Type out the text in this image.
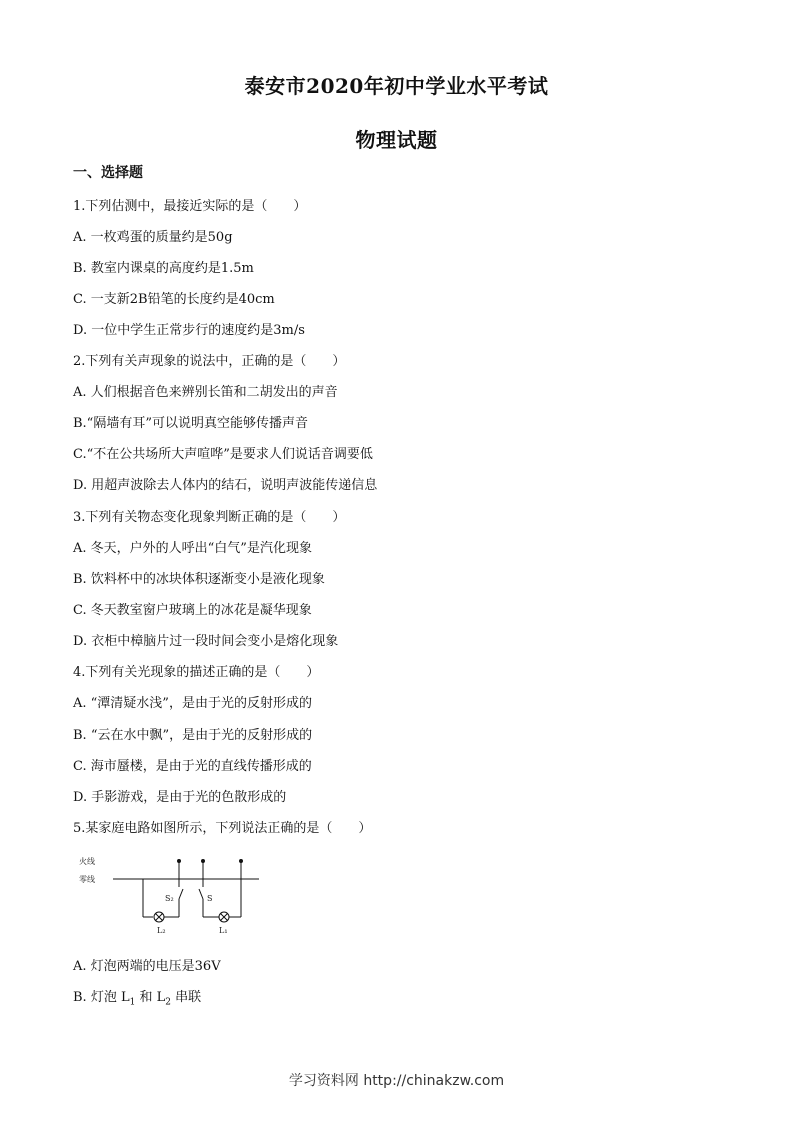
泰安市2020年初中学业水平考试
物理试题
一、选择题
1.下列估测中，最接近实际的是（　　）
A. 一枚鸡蛋的质量约是50g
B. 教室内课桌的高度约是1.5m
C. 一支新2B铅笔的长度约是40cm
D. 一位中学生正常步行的速度约是3m/s
2.下列有关声现象的说法中，正确的是（　　）
A. 人们根据音色来辨别长笛和二胡发出的声音
B.“隔墙有耳”可以说明真空能够传播声音
C.“不在公共场所大声喧哗”是要求人们说话音调要低
D. 用超声波除去人体内的结石，说明声波能传递信息
3.下列有关物态变化现象判断正确的是（　　）
A. 冬天，户外的人呼出“白气”是汽化现象
B. 饮料杯中的冰块体积逐渐变小是液化现象
C. 冬天教室窗户玻璃上的冰花是凝华现象
D. 衣柜中樟脑片过一段时间会变小是熔化现象
4.下列有关光现象的描述正确的是（　　）
A. “潭清疑水浅”，是由于光的反射形成的
B. “云在水中飘”，是由于光的反射形成的
C. 海市蜃楼，是由于光的直线传播形成的
D. 手影游戏，是由于光的色散形成的
5.某家庭电路如图所示，下列说法正确的是（　　）
火线
零线
S₂
L₂
S
L₁
A. 灯泡两端的电压是36V
B. 灯泡 $L_1$ 和 $L_2$ 串联
学习资料网 http://chinakzw.com
